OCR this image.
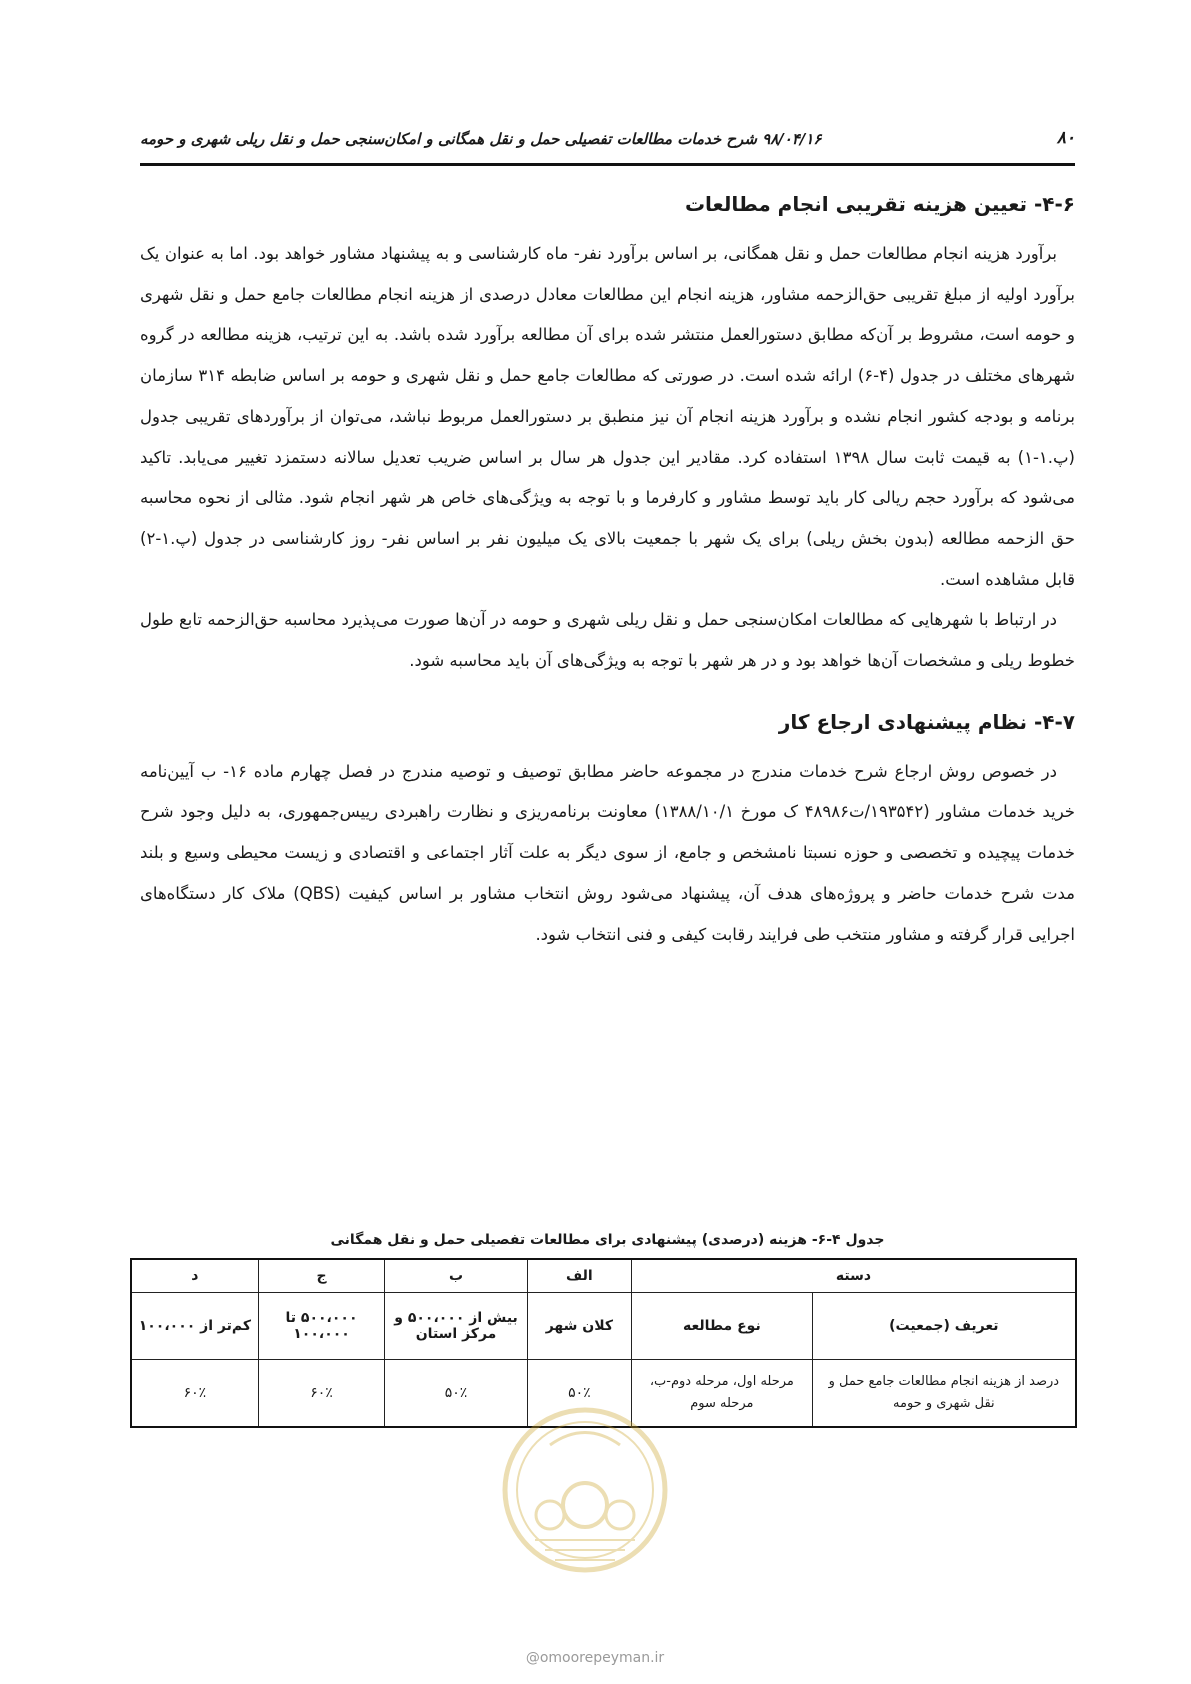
۸۰
۹۸/۰۴/۱۶ شرح خدمات مطالعات تفصیلی حمل و نقل همگانی و امکان‌سنجی حمل و نقل ریلی شهری و حومه
۴-۶- تعیین هزینه تقریبی انجام مطالعات

برآورد هزینه انجام مطالعات حمل و نقل همگانی، بر اساس برآورد نفر- ماه کارشناسی و به پیشنهاد مشاور خواهد بود. اما به عنوان یک برآورد اولیه از مبلغ تقریبی حق‌الزحمه مشاور، هزینه انجام این مطالعات معادل درصدی از هزینه انجام مطالعات جامع حمل و نقل شهری و حومه است، مشروط بر آن‌که مطابق دستورالعمل منتشر شده برای آن مطالعه برآورد شده باشد. به این ترتیب، هزینه مطالعه در گروه شهرهای مختلف در جدول (۴-۶) ارائه شده است. در صورتی که مطالعات جامع حمل و نقل شهری و حومه بر اساس ضابطه ۳۱۴ سازمان برنامه و بودجه کشور انجام نشده و برآورد هزینه انجام آن نیز منطبق بر دستورالعمل مربوط نباشد، می‌توان از برآوردهای تقریبی جدول (پ.۱-۱) به قیمت ثابت سال ۱۳۹۸ استفاده کرد. مقادیر این جدول هر سال بر اساس ضریب تعدیل سالانه دستمزد تغییر می‌یابد. تاکید می‌شود که برآورد حجم ریالی کار باید توسط مشاور و کارفرما و با توجه به ویژگی‌های خاص هر شهر انجام شود. مثالی از نحوه محاسبه حق الزحمه مطالعه (بدون بخش ریلی) برای یک شهر با جمعیت بالای یک میلیون نفر بر اساس نفر- روز کارشناسی در جدول (پ.۱-۲) قابل مشاهده است.

در ارتباط با شهرهایی که مطالعات امکان‌سنجی حمل و نقل ریلی شهری و حومه در آن‌ها صورت می‌پذیرد محاسبه حق‌الزحمه تابع طول خطوط ریلی و مشخصات آن‌ها خواهد بود و در هر شهر با توجه به ویژگی‌های آن باید محاسبه شود.

۴-۷- نظام پیشنهادی ارجاع کار

در خصوص روش ارجاع شرح خدمات مندرج در مجموعه حاضر مطابق توصیف و توصیه مندرج در فصل چهارم ماده ۱۶- ب آیین‌نامه خرید خدمات مشاور (۱۹۳۵۴۲/ت۴۸۹۸۶ ک مورخ ۱۳۸۸/۱۰/۱) معاونت برنامه‌ریزی و نظارت راهبردی رییس‌جمهوری، به دلیل وجود شرح خدمات پیچیده و تخصصی و حوزه نسبتا نامشخص و جامع، از سوی دیگر به علت آثار اجتماعی و اقتصادی و زیست محیطی وسیع و بلند مدت شرح خدمات حاضر و پروژه‌های هدف آن، پیشنهاد می‌شود روش انتخاب مشاور بر اساس کیفیت (QBS) ملاک کار دستگاه‌های اجرایی قرار گرفته و مشاور منتخب طی فرایند رقابت کیفی و فنی انتخاب شود.

جدول ۴-۶- هزینه (درصدی) پیشنهادی برای مطالعات تفصیلی حمل و نقل همگانی
دسته		الف	ب	ج	د
تعریف (جمعیت)	نوع مطالعه	کلان شهر	بیش از ۵۰۰،۰۰۰ و مرکز استان	۵۰۰،۰۰۰ تا ۱۰۰،۰۰۰	کم‌تر از ۱۰۰،۰۰۰
درصد از هزینه انجام مطالعات جامع حمل و نقل شهری و حومه	مرحله اول، مرحله دوم-ب، مرحله سوم	۵۰٪	۵۰٪	۶۰٪	۶۰٪
@omoorepeyman.ir
